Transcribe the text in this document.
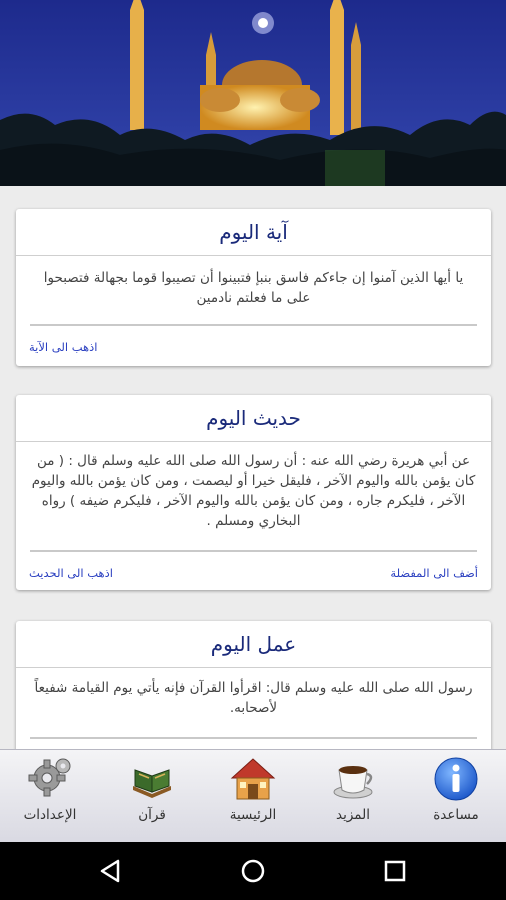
آية اليوم
يا أيها الذين آمنوا إن جاءكم فاسق بنبإ فتبينوا أن تصيبوا قوما بجهالة فتصبحوا على ما فعلتم نادمين
اذهب الى الآية
حديث اليوم
عن أبي هريرة رضي الله عنه : أن رسول الله صلى الله عليه وسلم قال : ( من كان يؤمن بالله واليوم الآخر ، فليقل خيرا أو ليصمت ، ومن كان يؤمن بالله واليوم الآخر ، فليكرم جاره ، ومن كان يؤمن بالله واليوم الآخر ، فليكرم ضيفه ) رواه البخاري ومسلم .
أضف الى المفضلة
اذهب الى الحديث
عمل اليوم
رسول الله صلى الله عليه وسلم قال: اقرأوا القرآن فإنه يأتي يوم القيامة شفيعاً لأصحابه.
مساعدة
المزيد
الرئيسية
قرآن
الإعدادات
